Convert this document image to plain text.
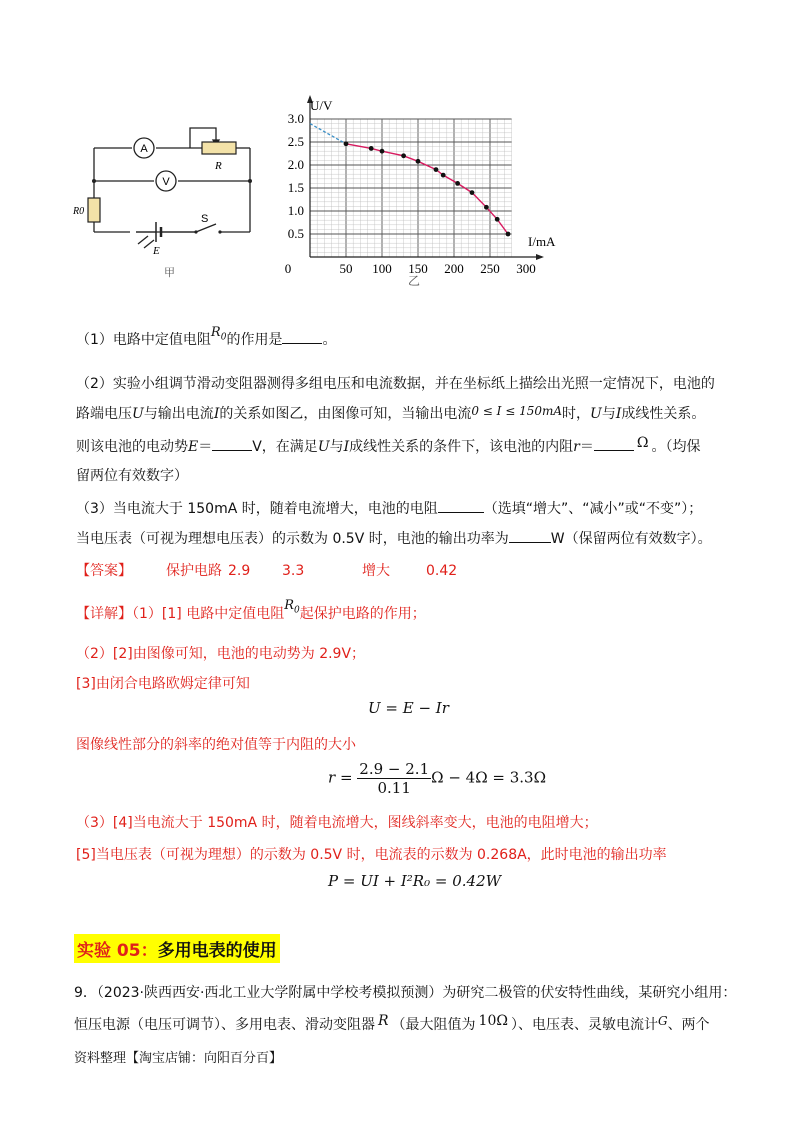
A
V
R
R0
E
S
甲	0	50 100 150 200 250 300
0.5
1.0
1.5
2.0
2.5
3.0
U/V
I/mA
乙
（1）电路中定值电阻$R_0$的作用是	。
（2）实验小组调节滑动变阻器测得多组电压和电流数据，并在坐标纸上描绘出光照一定情况下，电池的
路端电压U与输出电流I的关系如图乙，由图像可知，当输出电流0 ≤ I ≤ 150mA时，U与I成线性关系。
则该电池的电动势E＝	V，在满足U与I成线性关系的条件下，该电池的内阻r＝	Ω 。（均保
留两位有效数字）
（3）当电流大于 150mA 时，随着电流增大，电池的电阻	（选填“增大”、“减小”或“不变”）；
当电压表（可视为理想电压表）的示数为 0.5V 时，电池的输出功率为	W（保留两位有效数字）。
【答案】 保护电路 2.9 3.3	增大	0.42
【详解】（1）[1] 电路中定值电阻$R_0$起保护电路的作用；
（2）[2]由图像可知，电池的电动势为 2.9V；
[3]由闭合电路欧姆定律可知
U = E − Ir
图像线性部分的斜率的绝对值等于内阻的大小
$r = \frac{2.9 - 2.1}{0.11}$ Ω − 4Ω = 3.3Ω
（3）[4]当电流大于 150mA 时，随着电流增大，图线斜率变大，电池的电阻增大；
[5]当电压表（可视为理想）的示数为 0.5V 时，电流表的示数为 0.268A，此时电池的输出功率
P = UI + I²R₀ = 0.42W
实验 05：多用电表的使用
9．（2023·陕西西安·西北工业大学附属中学校考模拟预测）为研究二极管的伏安特性曲线，某研究小组用：
恒压电源（电压可调节）、多用电表、滑动变阻器 R （最大阻值为 10Ω ）、电压表、灵敏电流计G、两个
资料整理【淘宝店铺：向阳百分百】
